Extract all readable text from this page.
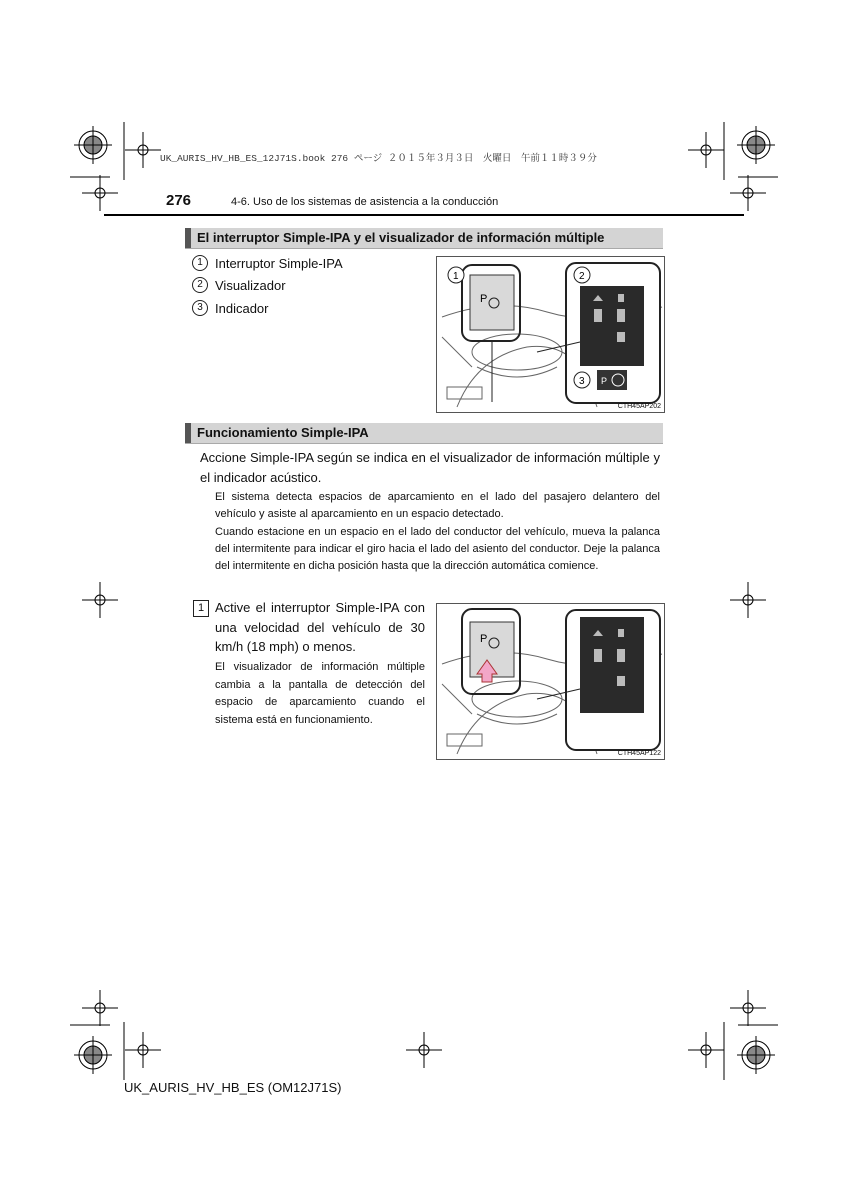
UK_AURIS_HV_HB_ES_12J71S.book 276 ページ ２０１５年３月３日　火曜日　午前１１時３９分
276	4-6. Uso de los sistemas de asistencia a la conducción
El interruptor Simple-IPA y el visualizador de información múltiple
1 Interruptor Simple-IPA
2 Visualizador
3 Indicador
P
1	2
3 P
CTH45AP202
Funcionamiento Simple-IPA
Accione Simple-IPA según se indica en el visualizador de información múltiple y el indicador acústico.
El sistema detecta espacios de aparcamiento en el lado del pasajero delantero del vehículo y asiste al aparcamiento en un espacio detectado.
Cuando estacione en un espacio en el lado del conductor del vehículo, mueva la palanca del intermitente para indicar el giro hacia el lado del asiento del conductor. Deje la palanca del intermitente en dicha posición hasta que la dirección automática comience.
1 Active el interruptor Simple-IPA con una velocidad del vehículo de 30 km/h (18 mph) o menos.
El visualizador de información múltiple cambia a la pantalla de detección del espacio de aparcamiento cuando el sistema está en funcionamiento.
P
CTH45AP122
UK_AURIS_HV_HB_ES (OM12J71S)
